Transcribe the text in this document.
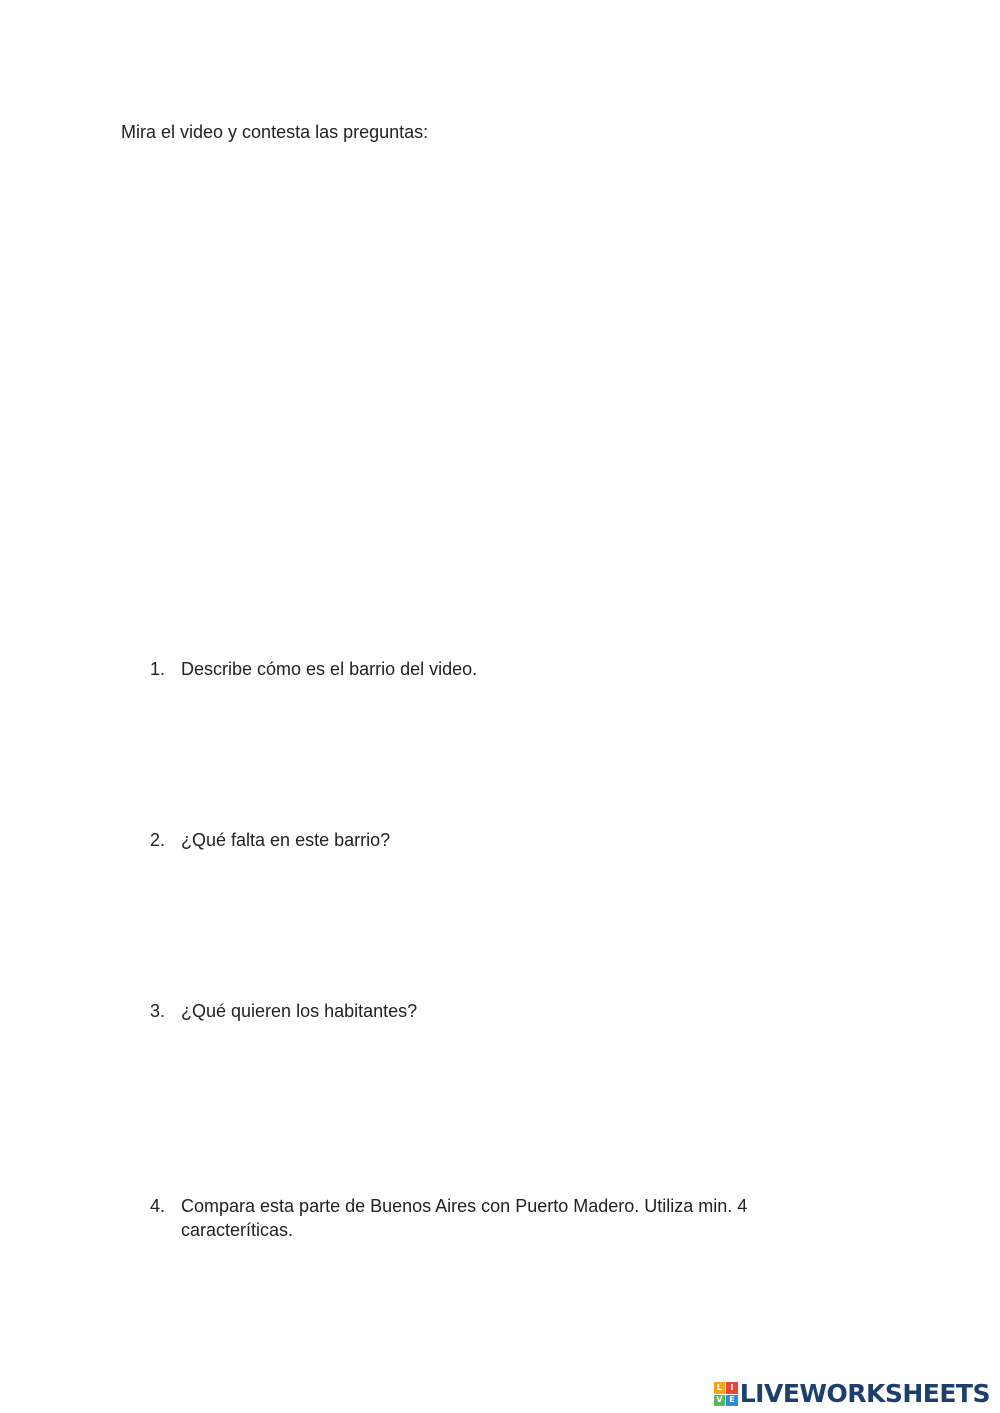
Mira el video y contesta las preguntas:

1. Describe cómo es el barrio del video.
2. ¿Qué falta en este barrio?
3. ¿Qué quieren los habitantes?
4. Compara esta parte de Buenos Aires con Puerto Madero. Utiliza min. 4 caracteríticas.
L	I
V E LIVEWORKSHEETS
